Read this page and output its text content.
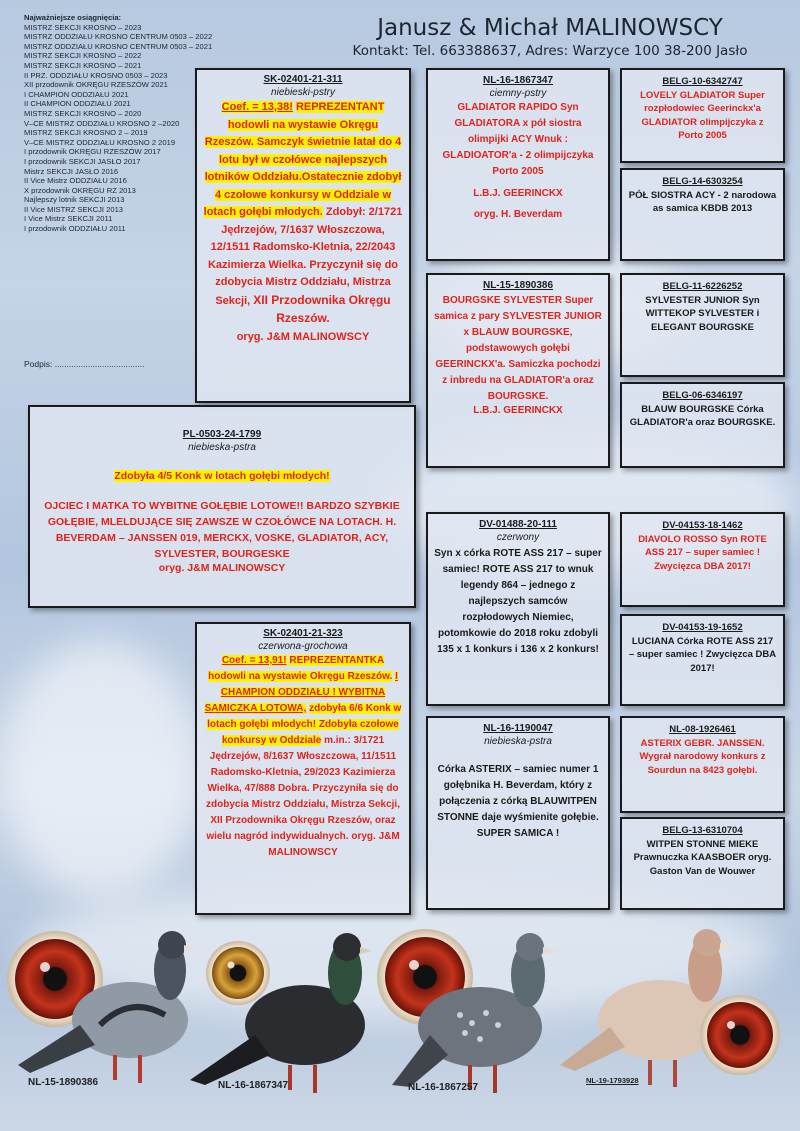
Najważniejsze osiągnięcia:
MISTRZ SEKCJI KROSNO – 2023
MISTRZ ODDZIAŁU KROSNO CENTRUM 0503 – 2022
MISTRZ ODDZIAŁU KROSNO CENTRUM 0503 – 2021
MISTRZ SEKCJI KROSNO – 2022
MISTRZ SEKCJI KROSNO – 2021
II PRZ. ODDZIAŁU KROSNO 0503 – 2023
XII przodownik OKRĘGU RZESZÓW 2021
I CHAMPION ODDZIAŁU 2021
II CHAMPION ODDZIAŁU 2021
MISTRZ SEKCJI KROSNO – 2020
V–CE MISTRZ ODDZIAŁU KROSNO 2 –2020
MISTRZ SEKCJI KROSNO 2 – 2019
V–CE MISTRZ ODDZIAŁU KROSNO 2 2019
I przodownik OKRĘGU RZESZÓW 2017
I przodownik SEKCJI JASŁO 2017
Mistrz SEKCJI JASŁO 2016
II Vice Mistrz ODDZIAŁU 2016
X przodownik OKRĘGU RZ 2013
Najlepszy lotnik SEKCJI 2013
II Vice MISTRZ SEKCJI 2013
I Vice Mistrz SEKCJI 2011
I przodownik ODDZIAŁU 2011
Podpis: ......................................
Janusz & Michał MALINOWSCY
Kontakt: Tel. 663388637, Adres: Warzyce 100 38-200 Jasło
SK-02401-21-311
niebieski-pstry
Coef. = 13,38! REPREZENTANT hodowli na wystawie Okręgu Rzeszów. Samczyk świetnie latał do 4 lotu był w czołówce najlepszych lotników Oddziału.Ostatecznie zdobył 4 czołowe konkursy w Oddziale w lotach gołębi młodych. Zdobył: 2/1721 Jędrzejów, 7/1637 Włoszczowa, 12/1511 Radomsko-Kletnia, 22/2043 Kazimierza Wielka. Przyczynił się do zdobycia Mistrz Oddziału, Mistrza Sekcji, XII Przodownika Okręgu Rzeszów.
oryg. J&M MALINOWSCY
PL-0503-24-1799
niebieska-pstra
Zdobyła 4/5 Konk w lotach gołębi młodych!
OJCIEC I MATKA TO WYBITNE GOŁĘBIE LOTOWE!! BARDZO SZYBKIE GOŁĘBIE, MLELDUJĄCE SIĘ ZAWSZE W CZOŁÓWCE NA LOTACH. H. BEVERDAM – JANSSEN 019, MERCKX, VOSKE, GLADIATOR, ACY, SYLVESTER, BOURGESKE
oryg. J&M MALINOWSCY
SK-02401-21-323
czerwona-grochowa
Coef. = 13,91! REPREZENTANTKA hodowli na wystawie Okręgu Rzeszów. I CHAMPION ODDZIAŁU ! WYBITNA SAMICZKA LOTOWA, zdobyła 6/6 Konk w lotach gołębi młodych! Zdobyła czołowe konkursy w Oddziale m.in.: 3/1721 Jędrzejów, 8/1637 Włoszczowa, 11/1511 Radomsko-Kletnia, 29/2023 Kazimierza Wielka, 47/888 Dobra. Przyczyniła się do zdobycia Mistrz Oddziału, Mistrza Sekcji, XII Przodownika Okręgu Rzeszów, oraz wielu nagród indywidualnych. oryg. J&M MALINOWSCY
NL-16-1867347
ciemny-pstry
GLADIATOR RAPIDO Syn GLADIATORA x pół siostra olimpijki ACY Wnuk : GLADIOATOR'a - 2 olimpijczyka Porto 2005
L.B.J. GEERINCKX
oryg. H. Beverdam
NL-15-1890386
BOURGSKE SYLVESTER Super samica z pary SYLVESTER JUNIOR x BLAUW BOURGSKE, podstawowych gołębi GEERINCKX'a. Samiczka pochodzi z inbredu na GLADIATOR'a oraz BOURGSKE.
L.B.J. GEERINCKX
DV-01488-20-111
czerwony
Syn x córka ROTE ASS 217 – super samiec! ROTE ASS 217 to wnuk legendy 864 – jednego z najlepszych samców rozpłodowych Niemiec, potomkowie do 2018 roku zdobyli 135 x 1 konkurs i 136 x 2 konkurs!
NL-16-1190047
niebieska-pstra
Córka ASTERIX – samiec numer 1 gołębnika H. Beverdam, który z połączenia z córką BLAUWITPEN STONNE daje wyśmienite gołębie. SUPER SAMICA !
BELG-10-6342747
LOVELY GLADIATOR Super rozpłodowiec Geerinckx'a GLADIATOR olimpijczyka z Porto 2005
BELG-14-6303254
PÓŁ SIOSTRA ACY - 2 narodowa as samica KBDB 2013
BELG-11-6226252
SYLVESTER JUNIOR Syn WITTEKOP SYLVESTER i ELEGANT BOURGSKE
BELG-06-6346197
BLAUW BOURGSKE Córka GLADIATOR'a oraz BOURGSKE.
DV-04153-18-1462
DIAVOLO ROSSO Syn ROTE ASS 217 – super samiec ! Zwycięzca DBA 2017!
DV-04153-19-1652
LUCIANA Córka ROTE ASS 217 – super samiec ! Zwycięzca DBA 2017!
NL-08-1926461
ASTERIX GEBR. JANSSEN. Wygrał narodowy konkurs z Sourdun na 8423 gołębi.
BELG-13-6310704
WITPEN STONNE MIEKE Prawnuczka KAASBOER oryg. Gaston Van de Wouwer
NL-15-1890386	NL-16-1867347	NL-16-1867257
NL-19-1793928
